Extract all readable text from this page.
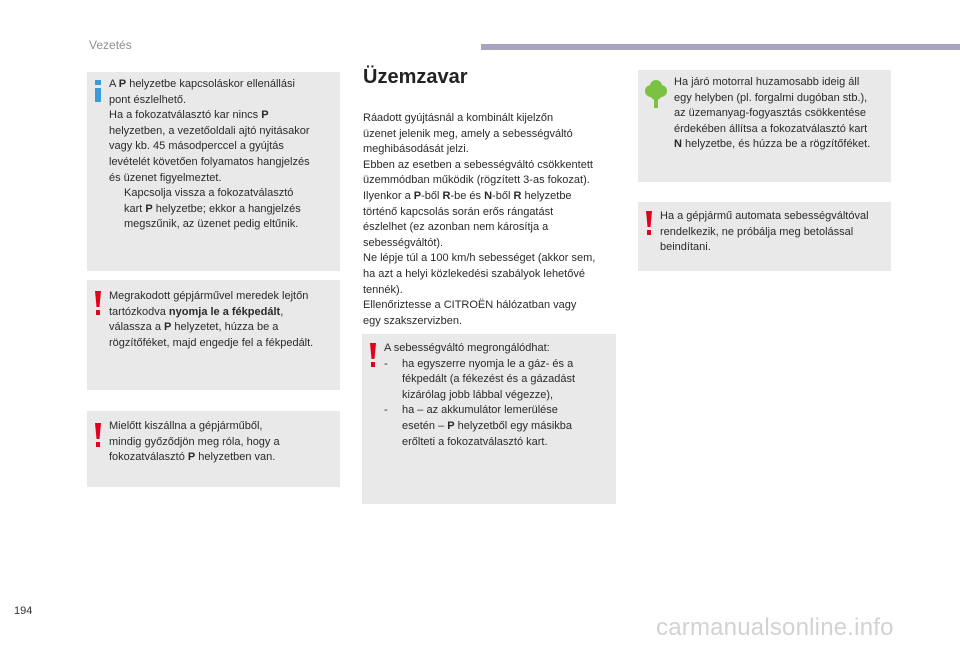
Vezetés

A P helyzetbe kapcsoláskor ellenállási

pont észlelhető.

Ha a fokozatválasztó kar nincs P

helyzetben, a vezetőoldali ajtó nyitásakor

vagy kb. 45 másodperccel a gyújtás

levételét követően folyamatos hangjelzés

és üzenet figyelmeztet.

Kapcsolja vissza a fokozatválasztó

kart P helyzetbe; ekkor a hangjelzés

megszűnik, az üzenet pedig eltűnik.

Megrakodott gépjárművel meredek lejtőn

tartózkodva nyomja le a fékpedált,

válassza a P helyzetet, húzza be a

rögzítőféket, majd engedje fel a fékpedált.

Mielőtt kiszállna a gépjárműből,

mindig győződjön meg róla, hogy a

fokozatválasztó P helyzetben van.

Üzemzavar

Ráadott gyújtásnál a kombinált kijelzőn

üzenet jelenik meg, amely a sebességváltó

meghibásodását jelzi.

Ebben az esetben a sebességváltó csökkentett

üzemmódban működik (rögzített 3-as fokozat).

Ilyenkor a P-ből R-be és N-ből R helyzetbe

történő kapcsolás során erős rángatást

észlelhet (ez azonban nem károsítja a

sebességváltót).

Ne lépje túl a 100 km/h sebességet (akkor sem,

ha azt a helyi közlekedési szabályok lehetővé

tennék).

Ellenőriztesse a CITROËN hálózatban vagy

egy szakszervizben.

A sebességváltó megrongálódhat:

- ha egyszerre nyomja le a gáz- és a

fékpedált (a fékezést és a gázadást

kizárólag jobb lábbal végezze),

- ha – az akkumulátor lemerülése

esetén – P helyzetből egy másikba

erőlteti a fokozatválasztó kart.

Ha járó motorral huzamosabb ideig áll

egy helyben (pl. forgalmi dugóban stb.),

az üzemanyag-fogyasztás csökkentése

érdekében állítsa a fokozatválasztó kart

N helyzetbe, és húzza be a rögzítőféket.

Ha a gépjármű automata sebességváltóval

rendelkezik, ne próbálja meg betolással

beindítani.

194
carmanualsonline.info
